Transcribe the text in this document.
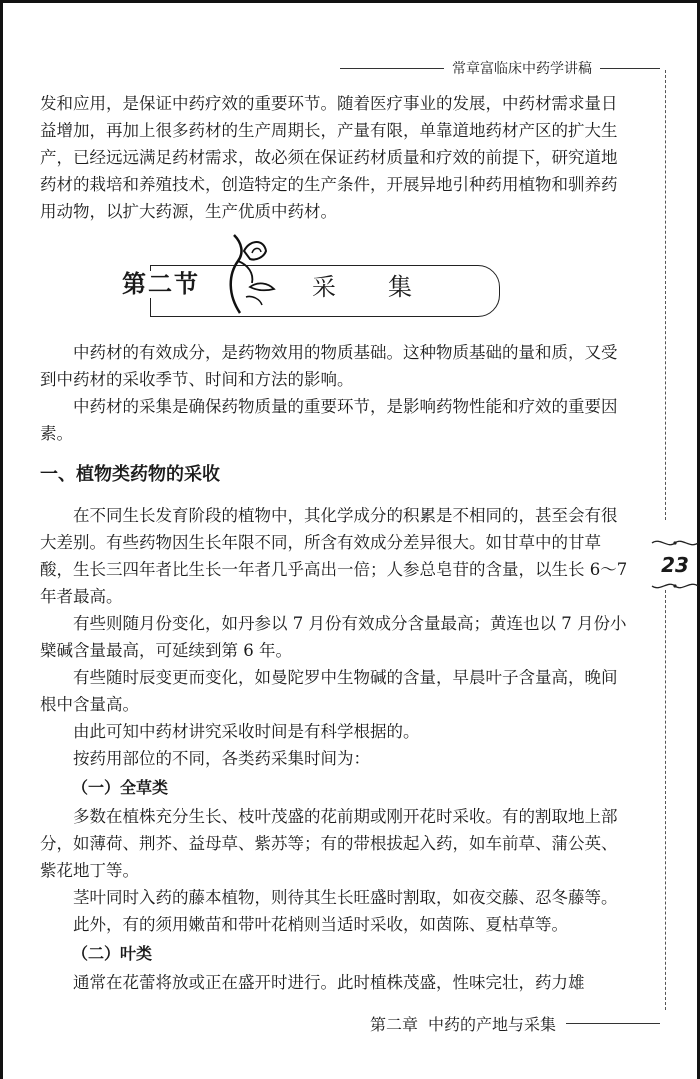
常章富临床中药学讲稿

发和应用，是保证中药疗效的重要环节。随着医疗事业的发展，中药材需求量日益增加，再加上很多药材的生产周期长，产量有限，单靠道地药材产区的扩大生产，已经远远满足药材需求，故必须在保证药材质量和疗效的前提下，研究道地药材的栽培和养殖技术，创造特定的生产条件，开展异地引种药用植物和驯养药用动物，以扩大药源，生产优质中药材。

第二节	采集

中药材的有效成分，是药物效用的物质基础。这种物质基础的量和质，又受到中药材的采收季节、时间和方法的影响。

中药材的采集是确保药物质量的重要环节，是影响药物性能和疗效的重要因素。

一、植物类药物的采收

在不同生长发育阶段的植物中，其化学成分的积累是不相同的，甚至会有很大差别。有些药物因生长年限不同，所含有效成分差异很大。如甘草中的甘草酸，生长三四年者比生长一年者几乎高出一倍；人参总皂苷的含量，以生长 6～7 年者最高。

有些则随月份变化，如丹参以 7 月份有效成分含量最高；黄连也以 7 月份小檗碱含量最高，可延续到第 6 年。

有些随时辰变更而变化，如曼陀罗中生物碱的含量，早晨叶子含量高，晚间根中含量高。

由此可知中药材讲究采收时间是有科学根据的。

按药用部位的不同，各类药采集时间为：

（一）全草类

多数在植株充分生长、枝叶茂盛的花前期或刚开花时采收。有的割取地上部分，如薄荷、荆芥、益母草、紫苏等；有的带根拔起入药，如车前草、蒲公英、紫花地丁等。

茎叶同时入药的藤本植物，则待其生长旺盛时割取，如夜交藤、忍冬藤等。

此外，有的须用嫩苗和带叶花梢则当适时采收，如茵陈、夏枯草等。

（二）叶类

通常在花蕾将放或正在盛开时进行。此时植株茂盛，性味完壮，药力雄

23
第二章 中药的产地与采集
